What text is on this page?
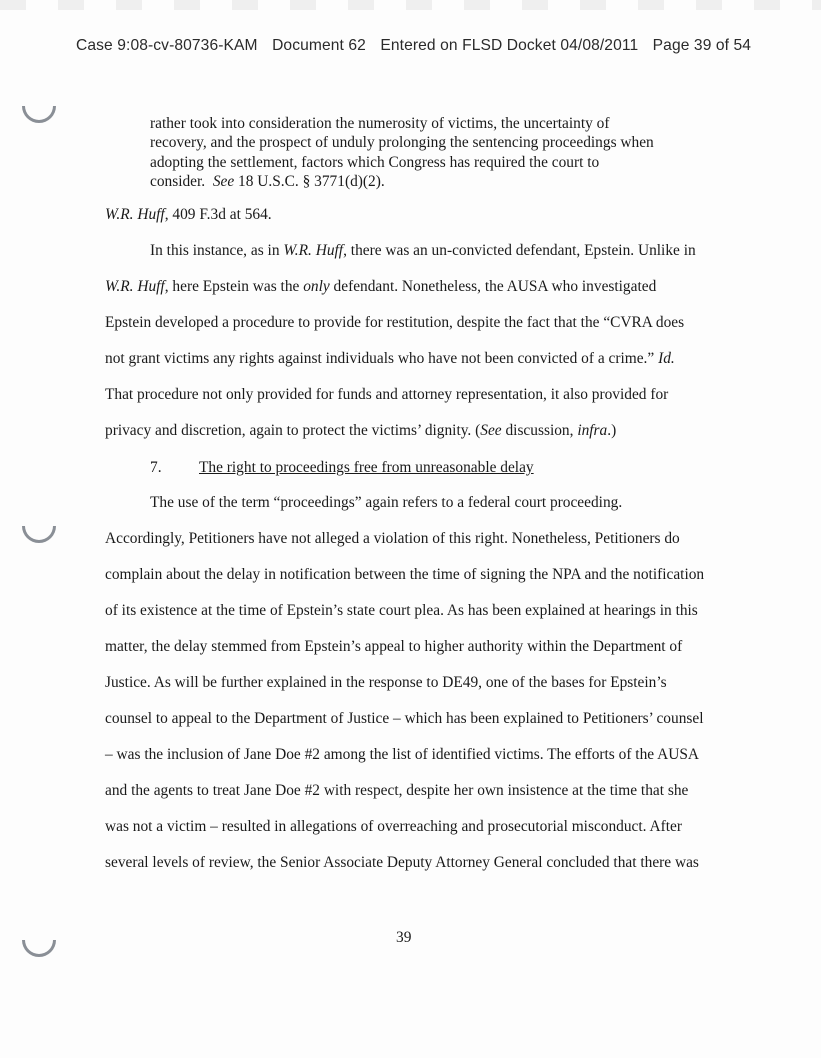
Case 9:08-cv-80736-KAM Document 62 Entered on FLSD Docket 04/08/2011 Page 39 of 54
rather took into consideration the numerosity of victims, the uncertainty of
recovery, and the prospect of unduly prolonging the sentencing proceedings when
adopting the settlement, factors which Congress has required the court to
consider. See 18 U.S.C. § 3771(d)(2).
W.R. Huff, 409 F.3d at 564.
In this instance, as in W.R. Huff, there was an un-convicted defendant, Epstein. Unlike in
W.R. Huff, here Epstein was the only defendant. Nonetheless, the AUSA who investigated
Epstein developed a procedure to provide for restitution, despite the fact that the “CVRA does
not grant victims any rights against individuals who have not been convicted of a crime.” Id.
That procedure not only provided for funds and attorney representation, it also provided for
privacy and discretion, again to protect the victims’ dignity. (See discussion, infra.)
7. The right to proceedings free from unreasonable delay
The use of the term “proceedings” again refers to a federal court proceeding.
Accordingly, Petitioners have not alleged a violation of this right. Nonetheless, Petitioners do
complain about the delay in notification between the time of signing the NPA and the notification
of its existence at the time of Epstein’s state court plea. As has been explained at hearings in this
matter, the delay stemmed from Epstein’s appeal to higher authority within the Department of
Justice. As will be further explained in the response to DE49, one of the bases for Epstein’s
counsel to appeal to the Department of Justice – which has been explained to Petitioners’ counsel
– was the inclusion of Jane Doe #2 among the list of identified victims. The efforts of the AUSA
and the agents to treat Jane Doe #2 with respect, despite her own insistence at the time that she
was not a victim – resulted in allegations of overreaching and prosecutorial misconduct. After
several levels of review, the Senior Associate Deputy Attorney General concluded that there was
39
